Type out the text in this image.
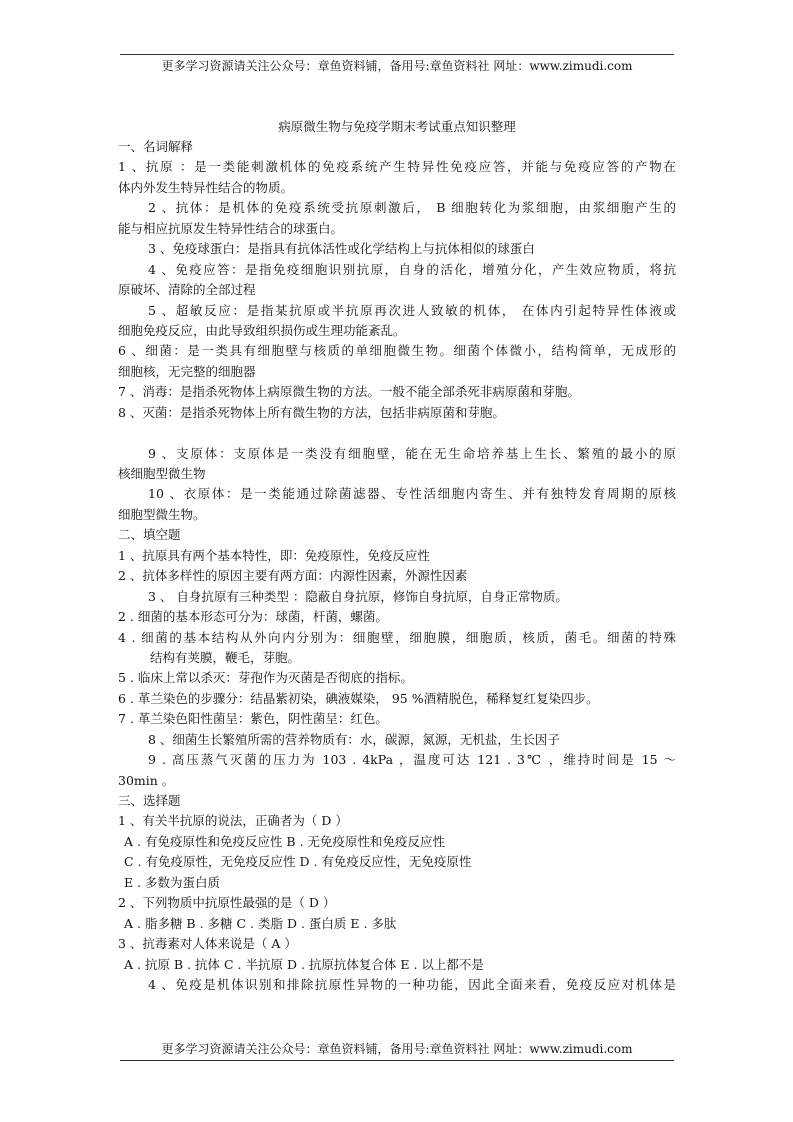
更多学习资源请关注公众号：章鱼资料铺，备用号:章鱼资料社 网址：www.zimudi.com
病原微生物与免疫学期末考试重点知识整理
一、名词解释
1 、抗原 ：是一类能刺激机体的免疫系统产生特异性免疫应答，并能与免疫应答的产物在
体内外发生特异性结合的物质。
2 、抗体：是机体的免疫系统受抗原刺激后， B 细胞转化为浆细胞，由浆细胞产生的
能与相应抗原发生特异性结合的球蛋白。
3 、免疫球蛋白：是指具有抗体活性或化学结构上与抗体相似的球蛋白
4 、免疫应答：是指免疫细胞识别抗原，自身的活化，增殖分化，产生效应物质，将抗
原破坏、清除的全部过程
5 、超敏反应：是指某抗原或半抗原再次进人致敏的机体， 在体内引起特异性体液或
细胞免疫反应，由此导致组织损伤或生理功能紊乱。
6 、细菌：是一类具有细胞壁与核质的单细胞微生物。细菌个体微小，结构简单，无成形的
细胞核，无完整的细胞器
7 、消毒：是指杀死物体上病原微生物的方法。一般不能全部杀死非病原菌和芽胞。
8 、灭菌：是指杀死物体上所有微生物的方法，包括非病原菌和芽胞。
9 、支原体：支原体是一类没有细胞壁，能在无生命培养基上生长、繁殖的最小的原
核细胞型微生物
10 、衣原体：是一类能通过除菌滤器、专性活细胞内寄生、并有独特发育周期的原核
细胞型微生物。
二、填空题
1 、抗原具有两个基本特性，即：免疫原性，免疫反应性
2 、抗体多样性的原因主要有两方面：内源性因素，外源性因素
3 、 自身抗原有三种类型 ：隐蔽自身抗原，修饰自身抗原，自身正常物质。
2 . 细菌的基本形态可分为：球菌，杆菌，螺菌。
4 . 细菌的基本结构从外向内分别为：细胞壁，细胞膜，细胞质，核质，菌毛。细菌的特殊
结构有荚膜，鞭毛，芽胞。
5 . 临床上常以杀灭：芽孢作为灭菌是否彻底的指标。
6 . 革兰染色的步骤分：结晶紫初染，碘液媒染， 95 %酒精脱色，稀释复红复染四步。
7 . 革兰染色阳性菌呈：紫色，阴性菌呈：红色。
8 、细菌生长繁殖所需的营养物质有：水，碳源，氮源，无机盐，生长因子
9 . 高压蒸气灭菌的压力为 103 . 4kPa ，温度可达 121 . 3℃ ，维持时间是 15 ～
30min 。
三、选择题
1 、有关半抗原的说法，正确者为（ D ）
A . 有免疫原性和免疫反应性 B . 无免疫原性和免疫反应性
C . 有免疫原性，无免疫反应性 D . 有免疫反应性，无免疫原性
E . 多数为蛋白质
2 、下列物质中抗原性最强的是（ D ）
A . 脂多糖 B . 多糖 C . 类脂 D . 蛋白质 E . 多肽
3 、抗毒素对人体来说是（ A ）
A . 抗原 B . 抗体 C . 半抗原 D . 抗原抗体复合体 E . 以上都不是
4 、免疫是机体识别和排除抗原性异物的一种功能，因此全面来看，免疫反应对机体是
更多学习资源请关注公众号：章鱼资料铺，备用号:章鱼资料社 网址：www.zimudi.com
